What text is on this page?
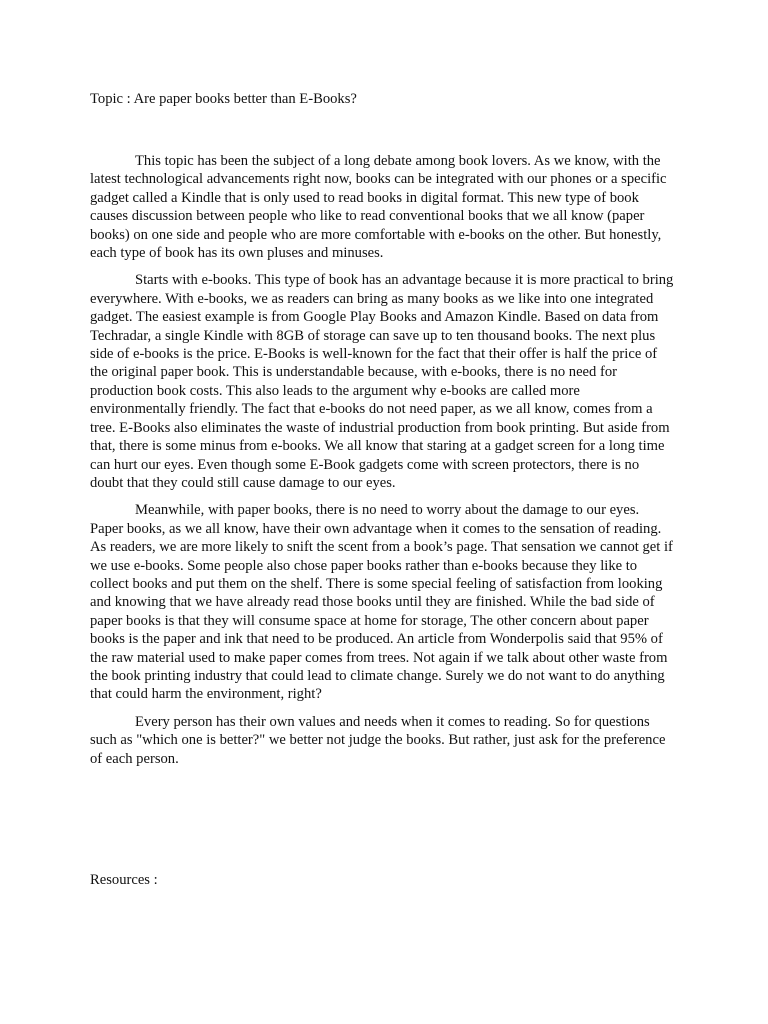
Topic : Are paper books better than E-Books?

This topic has been the subject of a long debate among book lovers. As we know, with the latest technological advancements right now, books can be integrated with our phones or a specific gadget called a Kindle that is only used to read books in digital format. This new type of book causes discussion between people who like to read conventional books that we all know (paper books) on one side and people who are more comfortable with e-books on the other. But honestly, each type of book has its own pluses and minuses.

Starts with e-books. This type of book has an advantage because it is more practical to bring everywhere. With e-books, we as readers can bring as many books as we like into one integrated gadget. The easiest example is from Google Play Books and Amazon Kindle. Based on data from Techradar, a single Kindle with 8GB of storage can save up to ten thousand books. The next plus side of e-books is the price. E-Books is well-known for the fact that their offer is half the price of the original paper book. This is understandable because, with e-books, there is no need for production book costs. This also leads to the argument why e-books are called more environmentally friendly. The fact that e-books do not need paper, as we all know, comes from a tree. E-Books also eliminates the waste of industrial production from book printing. But aside from that, there is some minus from e-books. We all know that staring at a gadget screen for a long time can hurt our eyes. Even though some E-Book gadgets come with screen protectors, there is no doubt that they could still cause damage to our eyes.

Meanwhile, with paper books, there is no need to worry about the damage to our eyes. Paper books, as we all know, have their own advantage when it comes to the sensation of reading. As readers, we are more likely to snift the scent from a book’s page. That sensation we cannot get if we use e-books. Some people also chose paper books rather than e-books because they like to collect books and put them on the shelf. There is some special feeling of satisfaction from looking and knowing that we have already read those books until they are finished. While the bad side of paper books is that they will consume space at home for storage, The other concern about paper books is the paper and ink that need to be produced. An article from Wonderpolis said that 95% of the raw material used to make paper comes from trees. Not again if we talk about other waste from the book printing industry that could lead to climate change. Surely we do not want to do anything that could harm the environment, right?

Every person has their own values and needs when it comes to reading. So for questions such as "which one is better?" we better not judge the books. But rather, just ask for the preference of each person.

Resources :
